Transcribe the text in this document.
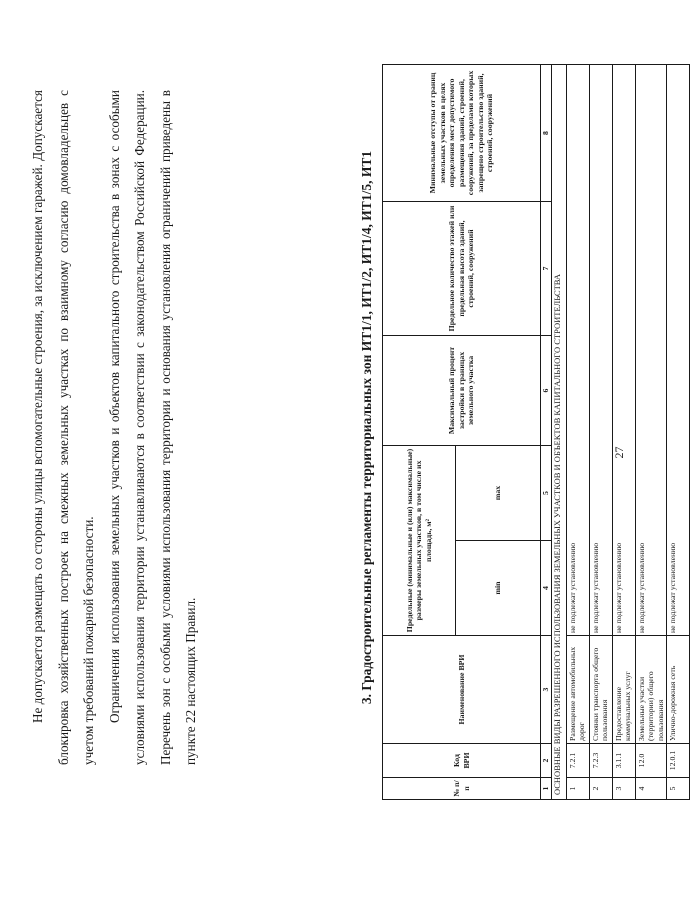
Не допускается размещать со стороны улицы вспомогательные строения, за исключением гаражей. Допускается блокировка хозяйственных построек на смежных земельных участках по взаимному согласию домовладельцев с учетом требований пожарной безопасности. Ограничения использования земельных участков и объектов капитального строительства в зонах с особыми условиями использования территории устанавливаются в соответствии с законодательством Российской Федерации. Перечень зон с особыми условиями использования территории и основания установления ограничений приведены в пункте 22 настоящих Правил.	3. Градостроительные регламенты территориальных зон ИТ1/1, ИТ1/2, ИТ1/4, ИТ1/5, ИТ1
№ п/п	Код ВРИ	Наименование ВРИ	Предельные (минимальные и (или) максимальные) размеры земельных участков, в том числе их площадь, м²		Максимальный процент застройки в границах земельного участка	Предельное количество этажей или предельная высота зданий, строений, сооружений	Минимальные отступы от границ земельных участков в целях определения мест допустимого размещения зданий, строений, сооружений, за пределами которых запрещено строительство зданий, строений, сооружений
			min	max			
1	2	3	4	5	6	7	8
ОСНОВНЫЕ ВИДЫ РАЗРЕШЕННОГО ИСПОЛЬЗОВАНИЯ ЗЕМЕЛЬНЫХ УЧАСТКОВ И ОБЪЕКТОВ КАПИТАЛЬНОГО СТРОИТЕЛЬСТВА							
1	7.2.1	Размещение автомобильных дорог	не подлежат установлению				
2	7.2.3	Стоянки транспорта общего пользования	не подлежат установлению				
3	3.1.1	Предоставление коммунальных услуг	не подлежат установлению				
4	12.0	Земельные участки (территории) общего пользования	не подлежат установлению				
5	12.0.1	Улично-дорожная сеть	не подлежат установлению				
27
